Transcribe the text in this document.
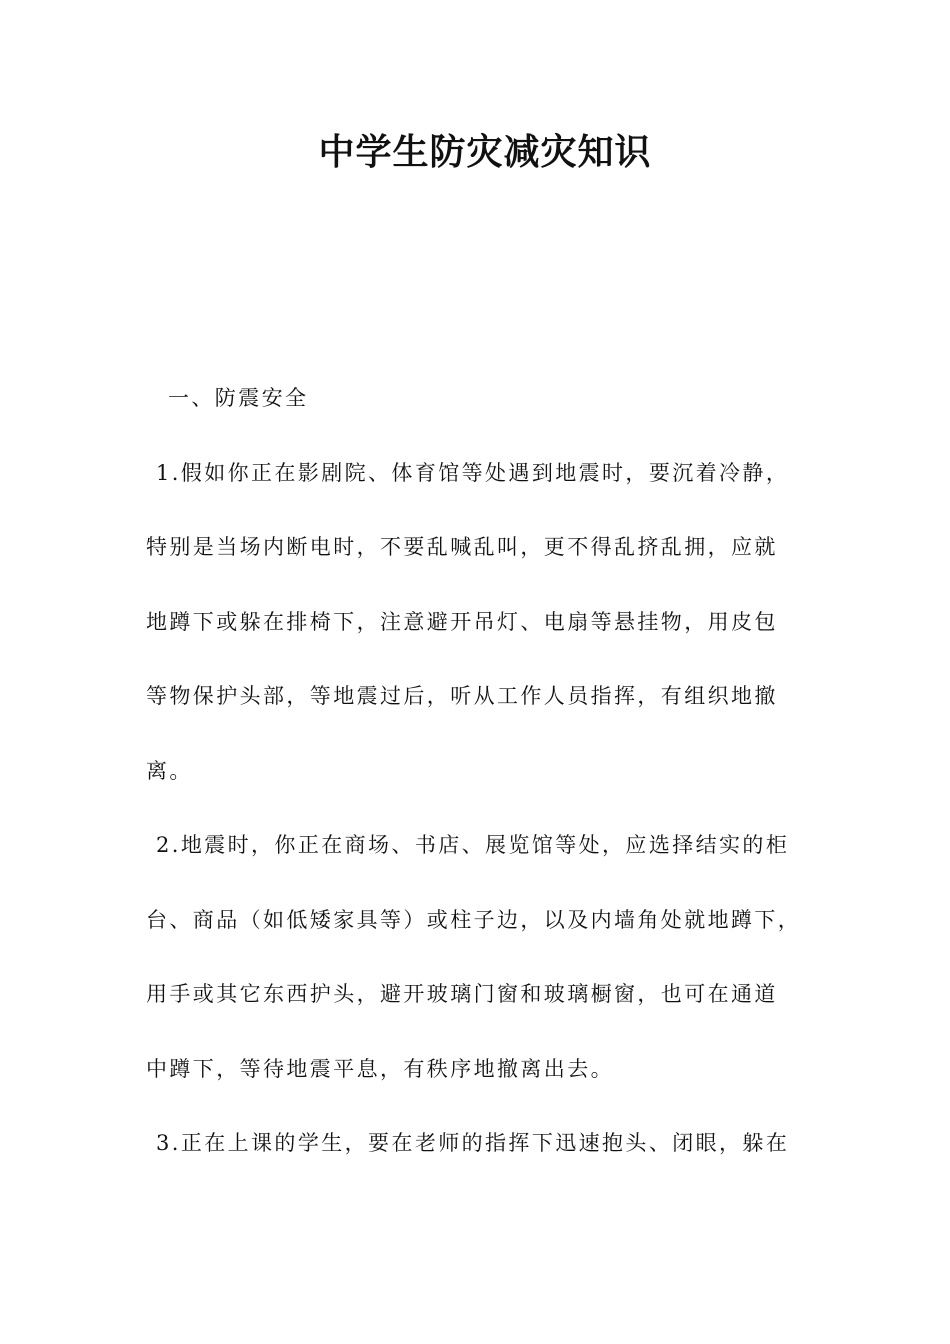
中学生防灾减灾知识
一、防震安全
1.假如你正在影剧院、体育馆等处遇到地震时，要沉着冷静，
特别是当场内断电时，不要乱喊乱叫，更不得乱挤乱拥，应就
地蹲下或躲在排椅下，注意避开吊灯、电扇等悬挂物，用皮包
等物保护头部，等地震过后，听从工作人员指挥，有组织地撤
离。
2.地震时，你正在商场、书店、展览馆等处，应选择结实的柜
台、商品（如低矮家具等）或柱子边，以及内墙角处就地蹲下，
用手或其它东西护头，避开玻璃门窗和玻璃橱窗，也可在通道
中蹲下，等待地震平息，有秩序地撤离出去。
3.正在上课的学生，要在老师的指挥下迅速抱头、闭眼，躲在
